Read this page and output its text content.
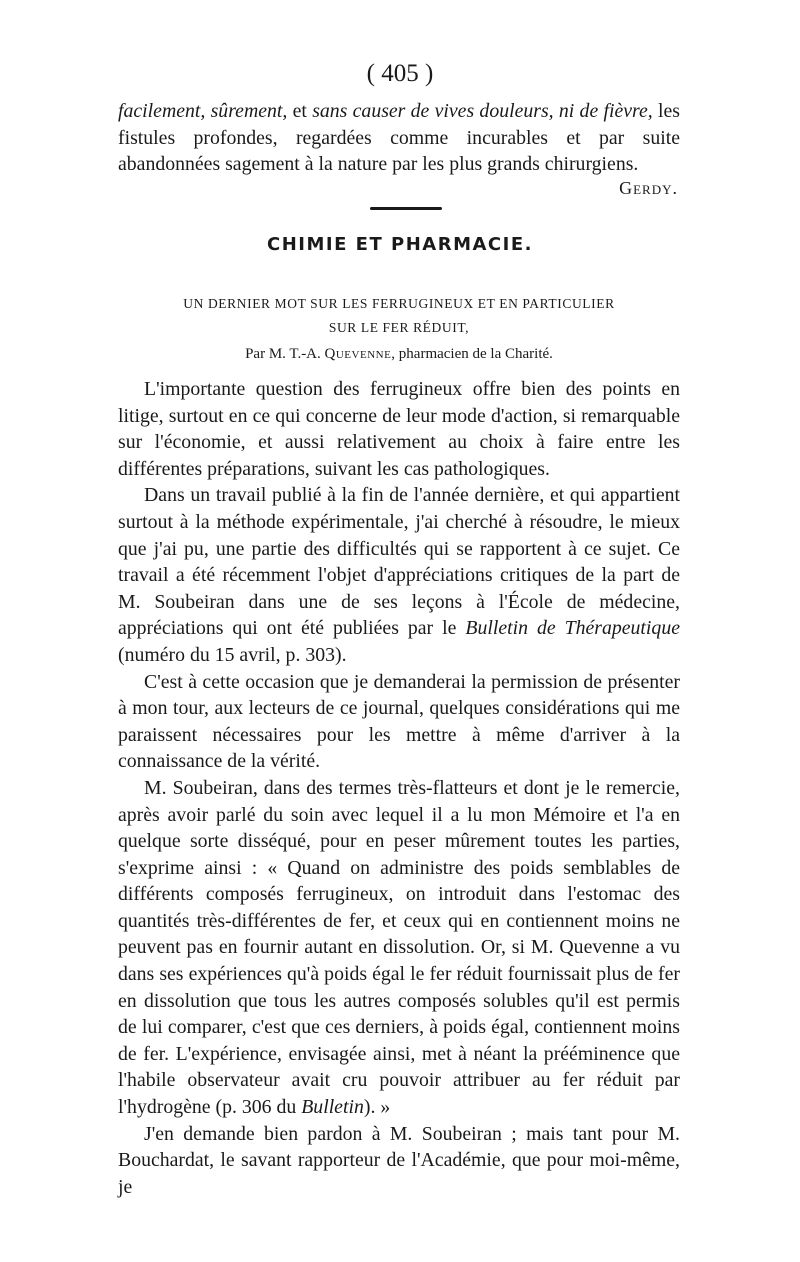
( 405 )

facilement, sûrement, et sans causer de vives douleurs, ni de fièvre, les fistules profondes, regardées comme incurables et par suite abandonnées sagement à la nature par les plus grands chirurgiens.

Gerdy.
CHIMIE ET PHARMACIE.
UN DERNIER MOT SUR LES FERRUGINEUX ET EN PARTICULIER
SUR LE FER RÉDUIT,
Par M. T.-A. Quevenne, pharmacien de la Charité.

L'importante question des ferrugineux offre bien des points en litige, surtout en ce qui concerne de leur mode d'action, si remarquable sur l'économie, et aussi relativement au choix à faire entre les différentes préparations, suivant les cas pathologiques.

Dans un travail publié à la fin de l'année dernière, et qui appartient surtout à la méthode expérimentale, j'ai cherché à résoudre, le mieux que j'ai pu, une partie des difficultés qui se rapportent à ce sujet. Ce travail a été récemment l'objet d'appréciations critiques de la part de M. Soubeiran dans une de ses leçons à l'École de médecine, appréciations qui ont été publiées par le Bulletin de Thérapeutique (numéro du 15 avril, p. 303).

C'est à cette occasion que je demanderai la permission de présenter à mon tour, aux lecteurs de ce journal, quelques considérations qui me paraissent nécessaires pour les mettre à même d'arriver à la connaissance de la vérité.

M. Soubeiran, dans des termes très-flatteurs et dont je le remercie, après avoir parlé du soin avec lequel il a lu mon Mémoire et l'a en quelque sorte disséqué, pour en peser mûrement toutes les parties, s'exprime ainsi : « Quand on administre des poids semblables de différents composés ferrugineux, on introduit dans l'estomac des quantités très-différentes de fer, et ceux qui en contiennent moins ne peuvent pas en fournir autant en dissolution. Or, si M. Quevenne a vu dans ses expériences qu'à poids égal le fer réduit fournissait plus de fer en dissolution que tous les autres composés solubles qu'il est permis de lui comparer, c'est que ces derniers, à poids égal, contiennent moins de fer. L'expérience, envisagée ainsi, met à néant la prééminence que l'habile observateur avait cru pouvoir attribuer au fer réduit par l'hydrogène (p. 306 du Bulletin). »

J'en demande bien pardon à M. Soubeiran ; mais tant pour M. Bouchardat, le savant rapporteur de l'Académie, que pour moi-même, je
